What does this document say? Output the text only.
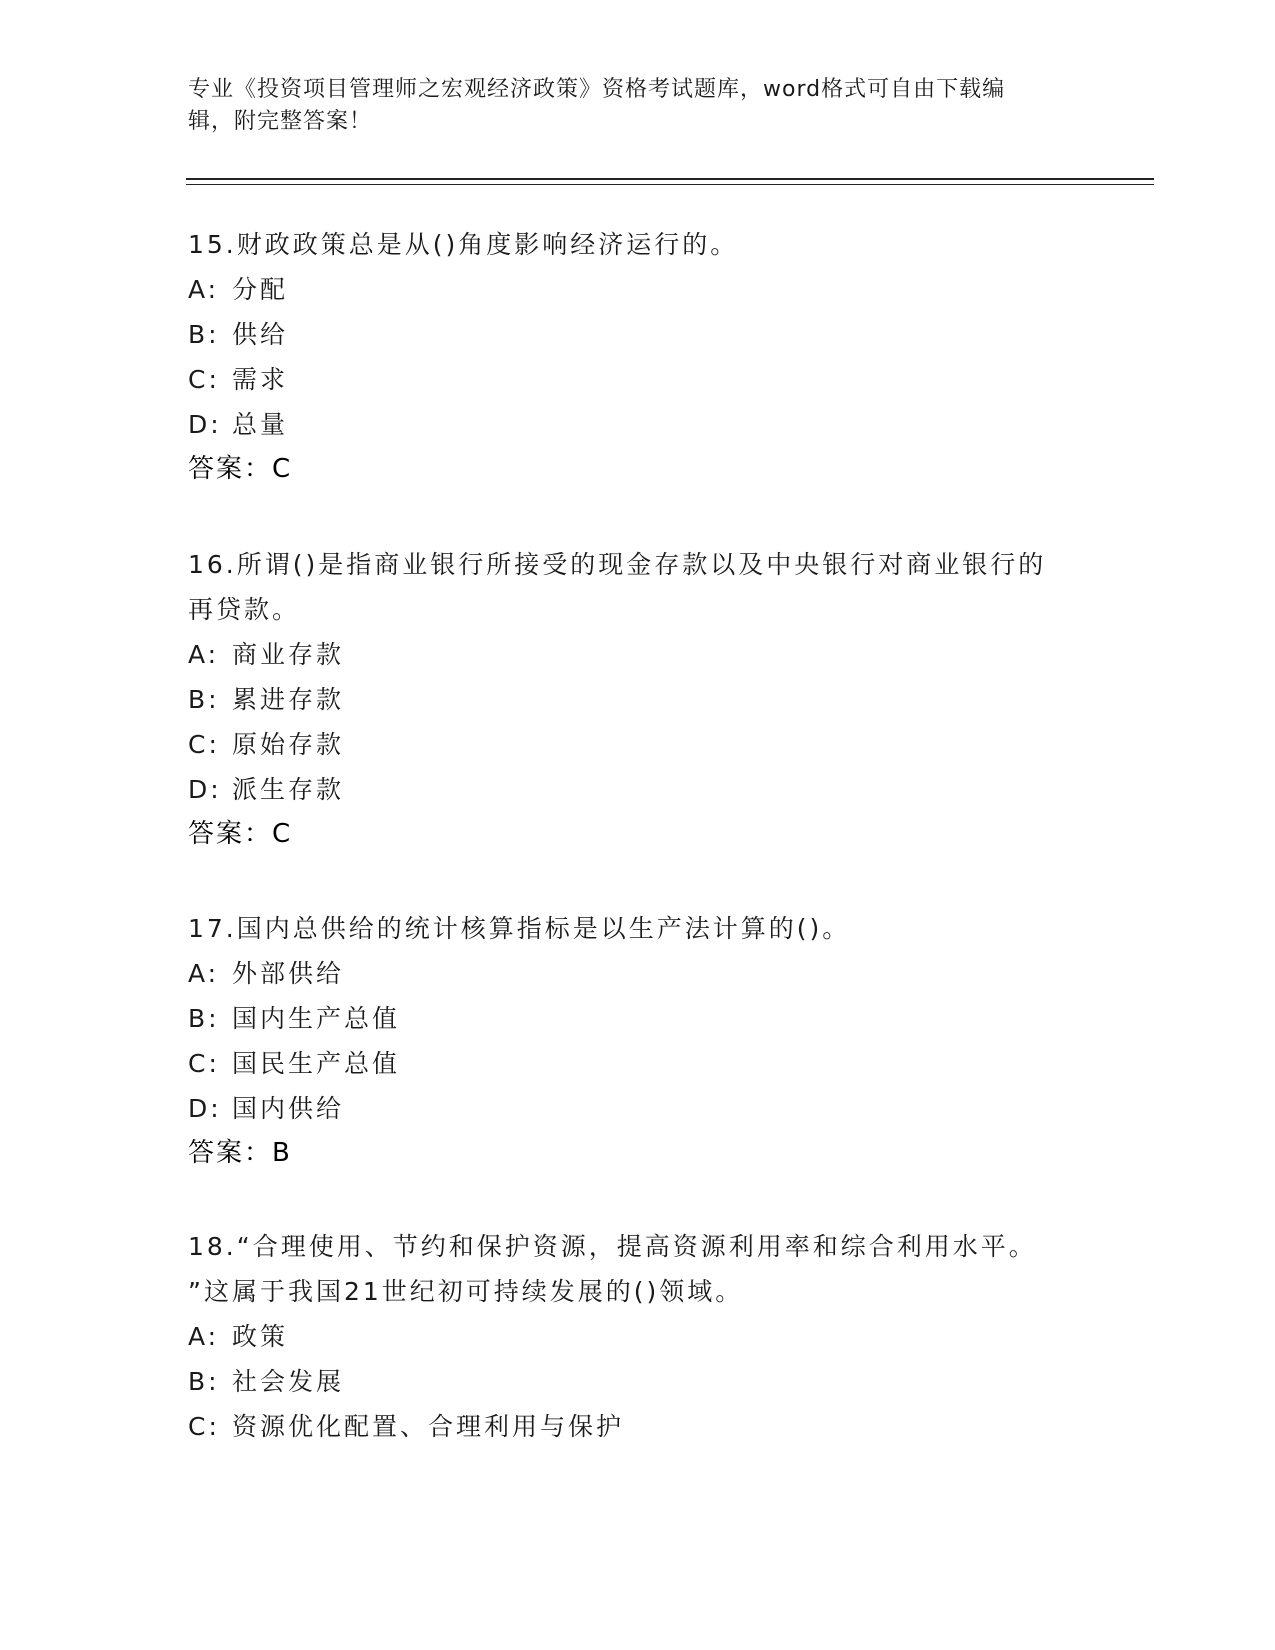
专业《投资项目管理师之宏观经济政策》资格考试题库，word格式可自由下载编
辑，附完整答案！
15.财政政策总是从()角度影响经济运行的。
A: 分配
B: 供给
C: 需求
D: 总量
答案：C
16.所谓()是指商业银行所接受的现金存款以及中央银行对商业银行的
再贷款。
A: 商业存款
B: 累进存款
C: 原始存款
D: 派生存款
答案：C
17.国内总供给的统计核算指标是以生产法计算的()。
A: 外部供给
B: 国内生产总值
C: 国民生产总值
D: 国内供给
答案：B
18.“合理使用、节约和保护资源，提高资源利用率和综合利用水平。
”这属于我国21世纪初可持续发展的()领域。
A: 政策
B: 社会发展
C: 资源优化配置、合理利用与保护
